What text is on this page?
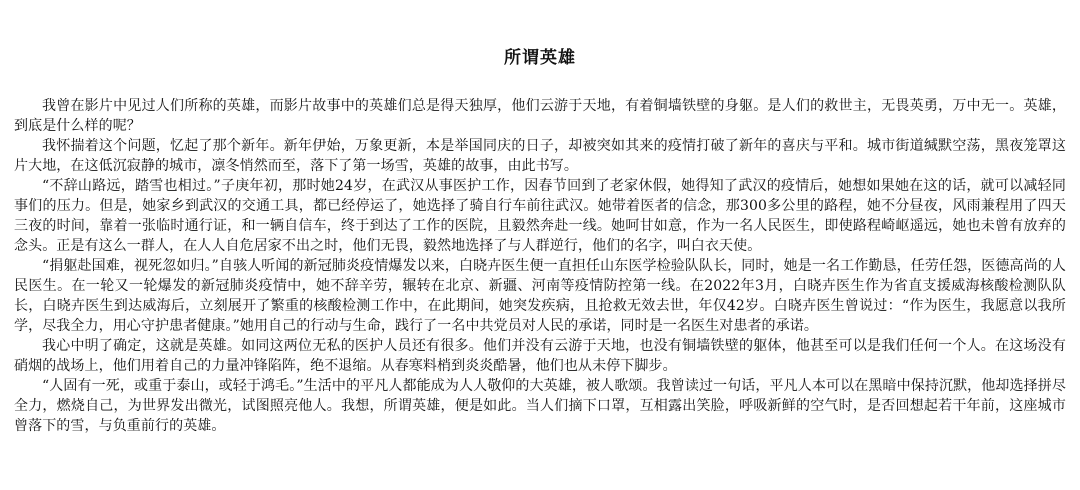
所谓英雄

我曾在影片中见过人们所称的英雄，而影片故事中的英雄们总是得天独厚，他们云游于天地，有着铜墙铁壁的身躯。是人们的救世主，无畏英勇，万中无一。英雄，到底是什么样的呢？

我怀揣着这个问题，忆起了那个新年。新年伊始，万象更新，本是举国同庆的日子，却被突如其来的疫情打破了新年的喜庆与平和。城市街道缄默空荡，黑夜笼罩这片大地，在这低沉寂静的城市，凛冬悄然而至，落下了第一场雪，英雄的故事，由此书写。

“不辞山路远，踏雪也相过。”子庚年初，那时她24岁，在武汉从事医护工作，因春节回到了老家休假，她得知了武汉的疫情后，她想如果她在这的话，就可以减轻同事们的压力。但是，她家乡到武汉的交通工具，都已经停运了，她选择了骑自行车前往武汉。她带着医者的信念，那300多公里的路程，她不分昼夜，风雨兼程用了四天三夜的时间，靠着一张临时通行证，和一辆自信车，终于到达了工作的医院，且毅然奔赴一线。她呵甘如意，作为一名人民医生，即使路程崎岖遥远，她也未曾有放弃的念头。正是有这么一群人，在人人自危居家不出之时，他们无畏，毅然地选择了与人群逆行，他们的名字，叫白衣天使。

“捐躯赴国难，视死忽如归。”自骇人听闻的新冠肺炎疫情爆发以来，白晓卉医生便一直担任山东医学检验队队长，同时，她是一名工作勤恳，任劳任怨，医德高尚的人民医生。在一轮又一轮爆发的新冠肺炎疫情中，她不辞辛劳，辗转在北京、新疆、河南等疫情防控第一线。在2022年3月，白晓卉医生作为省直支援威海核酸检测队队长，白晓卉医生到达威海后，立刻展开了繁重的核酸检测工作中，在此期间，她突发疾病，且抢救无效去世，年仅42岁。白晓卉医生曾说过：“作为医生，我愿意以我所学，尽我全力，用心守护患者健康。”她用自己的行动与生命，践行了一名中共党员对人民的承诺，同时是一名医生对患者的承诺。

我心中明了确定，这就是英雄。如同这两位无私的医护人员还有很多。他们并没有云游于天地，也没有铜墙铁壁的躯体，他甚至可以是我们任何一个人。在这场没有硝烟的战场上，他们用着自己的力量冲锋陷阵，绝不退缩。从春寒料梢到炎炎酷暑，他们也从未停下脚步。

“人固有一死，或重于泰山，或轻于鸿毛。”生活中的平凡人都能成为人人敬仰的大英雄，被人歌颂。我曾读过一句话，平凡人本可以在黑暗中保持沉默，他却选择拼尽全力，燃烧自己，为世界发出微光，试图照亮他人。我想，所谓英雄，便是如此。当人们摘下口罩，互相露出笑脸，呼吸新鲜的空气时，是否回想起若干年前，这座城市曾落下的雪，与负重前行的英雄。
